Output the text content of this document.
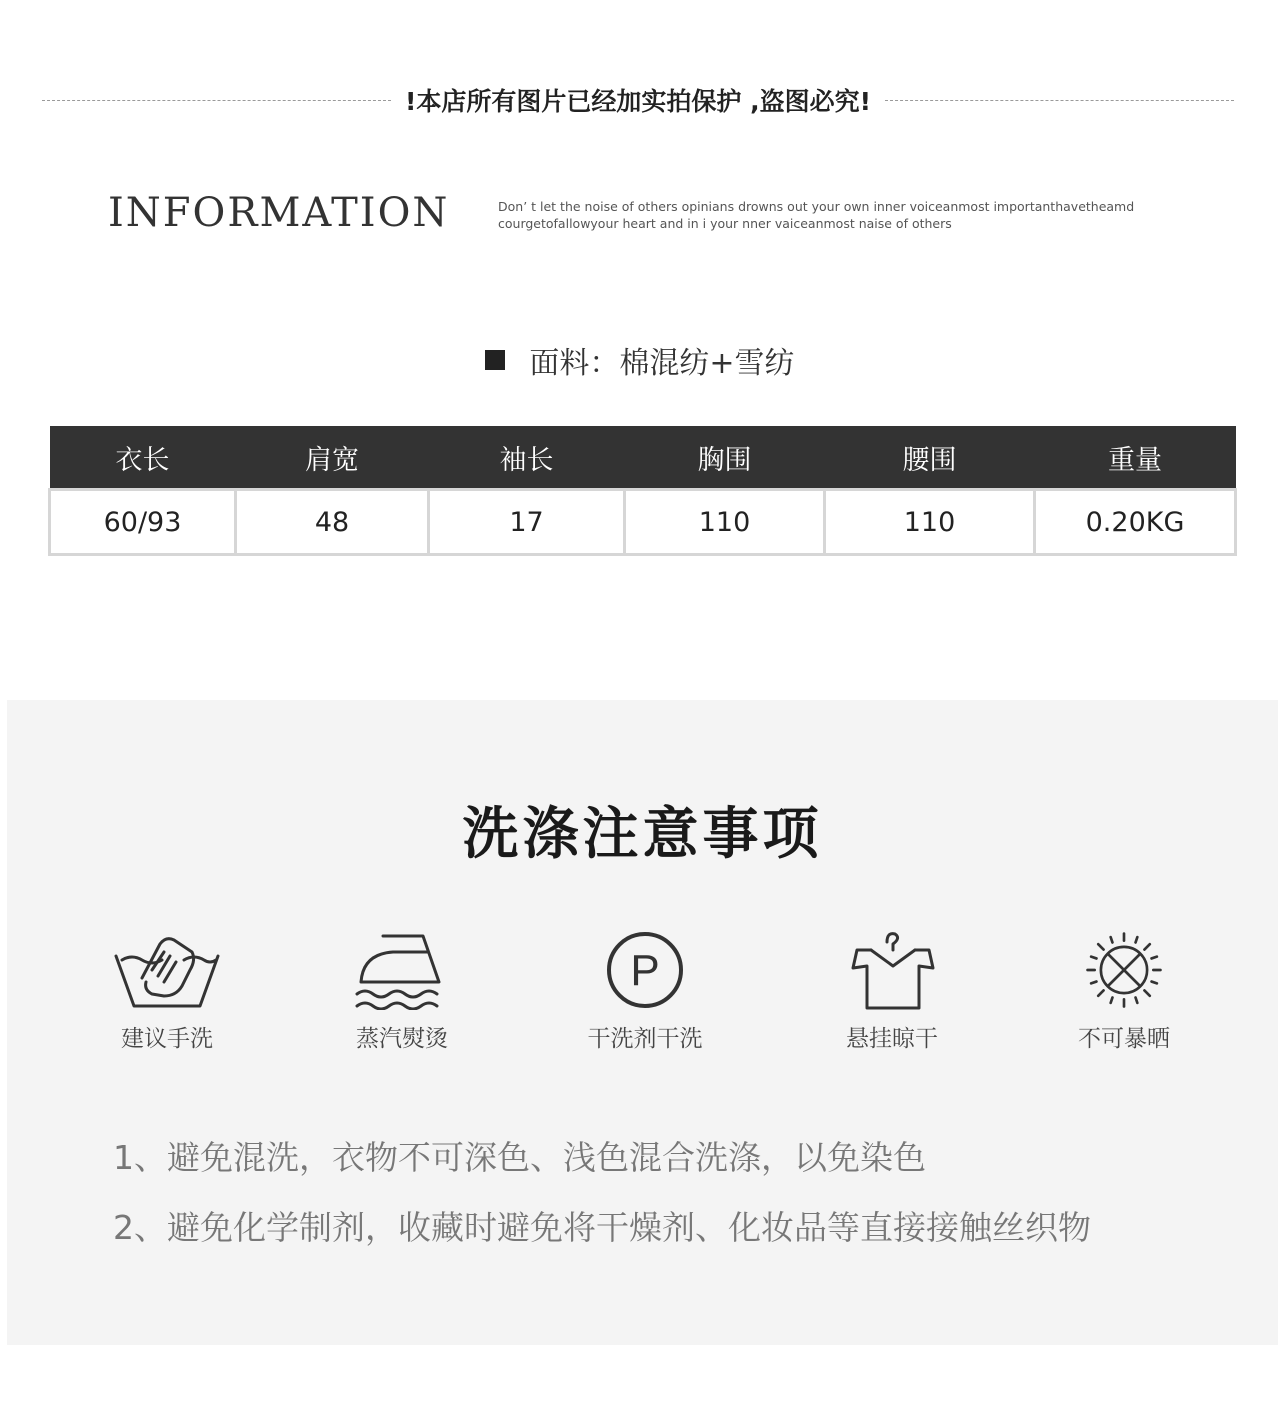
!本店所有图片已经加实拍保护 ,盗图必究!
INFORMATION	Don’ t let the noise of others opinians drowns out your own inner voiceanmost importanthavetheamd
courgetofallowyour heart and in i your nner vaiceanmost naise of others
面料：棉混纺+雪纺
衣长	肩宽	袖长	胸围	腰围	重量
60/93	48	17	110	110	0.20KG
洗涤注意事项
建议手洗	蒸汽熨烫
P
干洗剂干洗	悬挂晾干	不可暴晒
1、避免混洗，衣物不可深色、浅色混合洗涤，以免染色
2、避免化学制剂，收藏时避免将干燥剂、化妆品等直接接触丝织物
